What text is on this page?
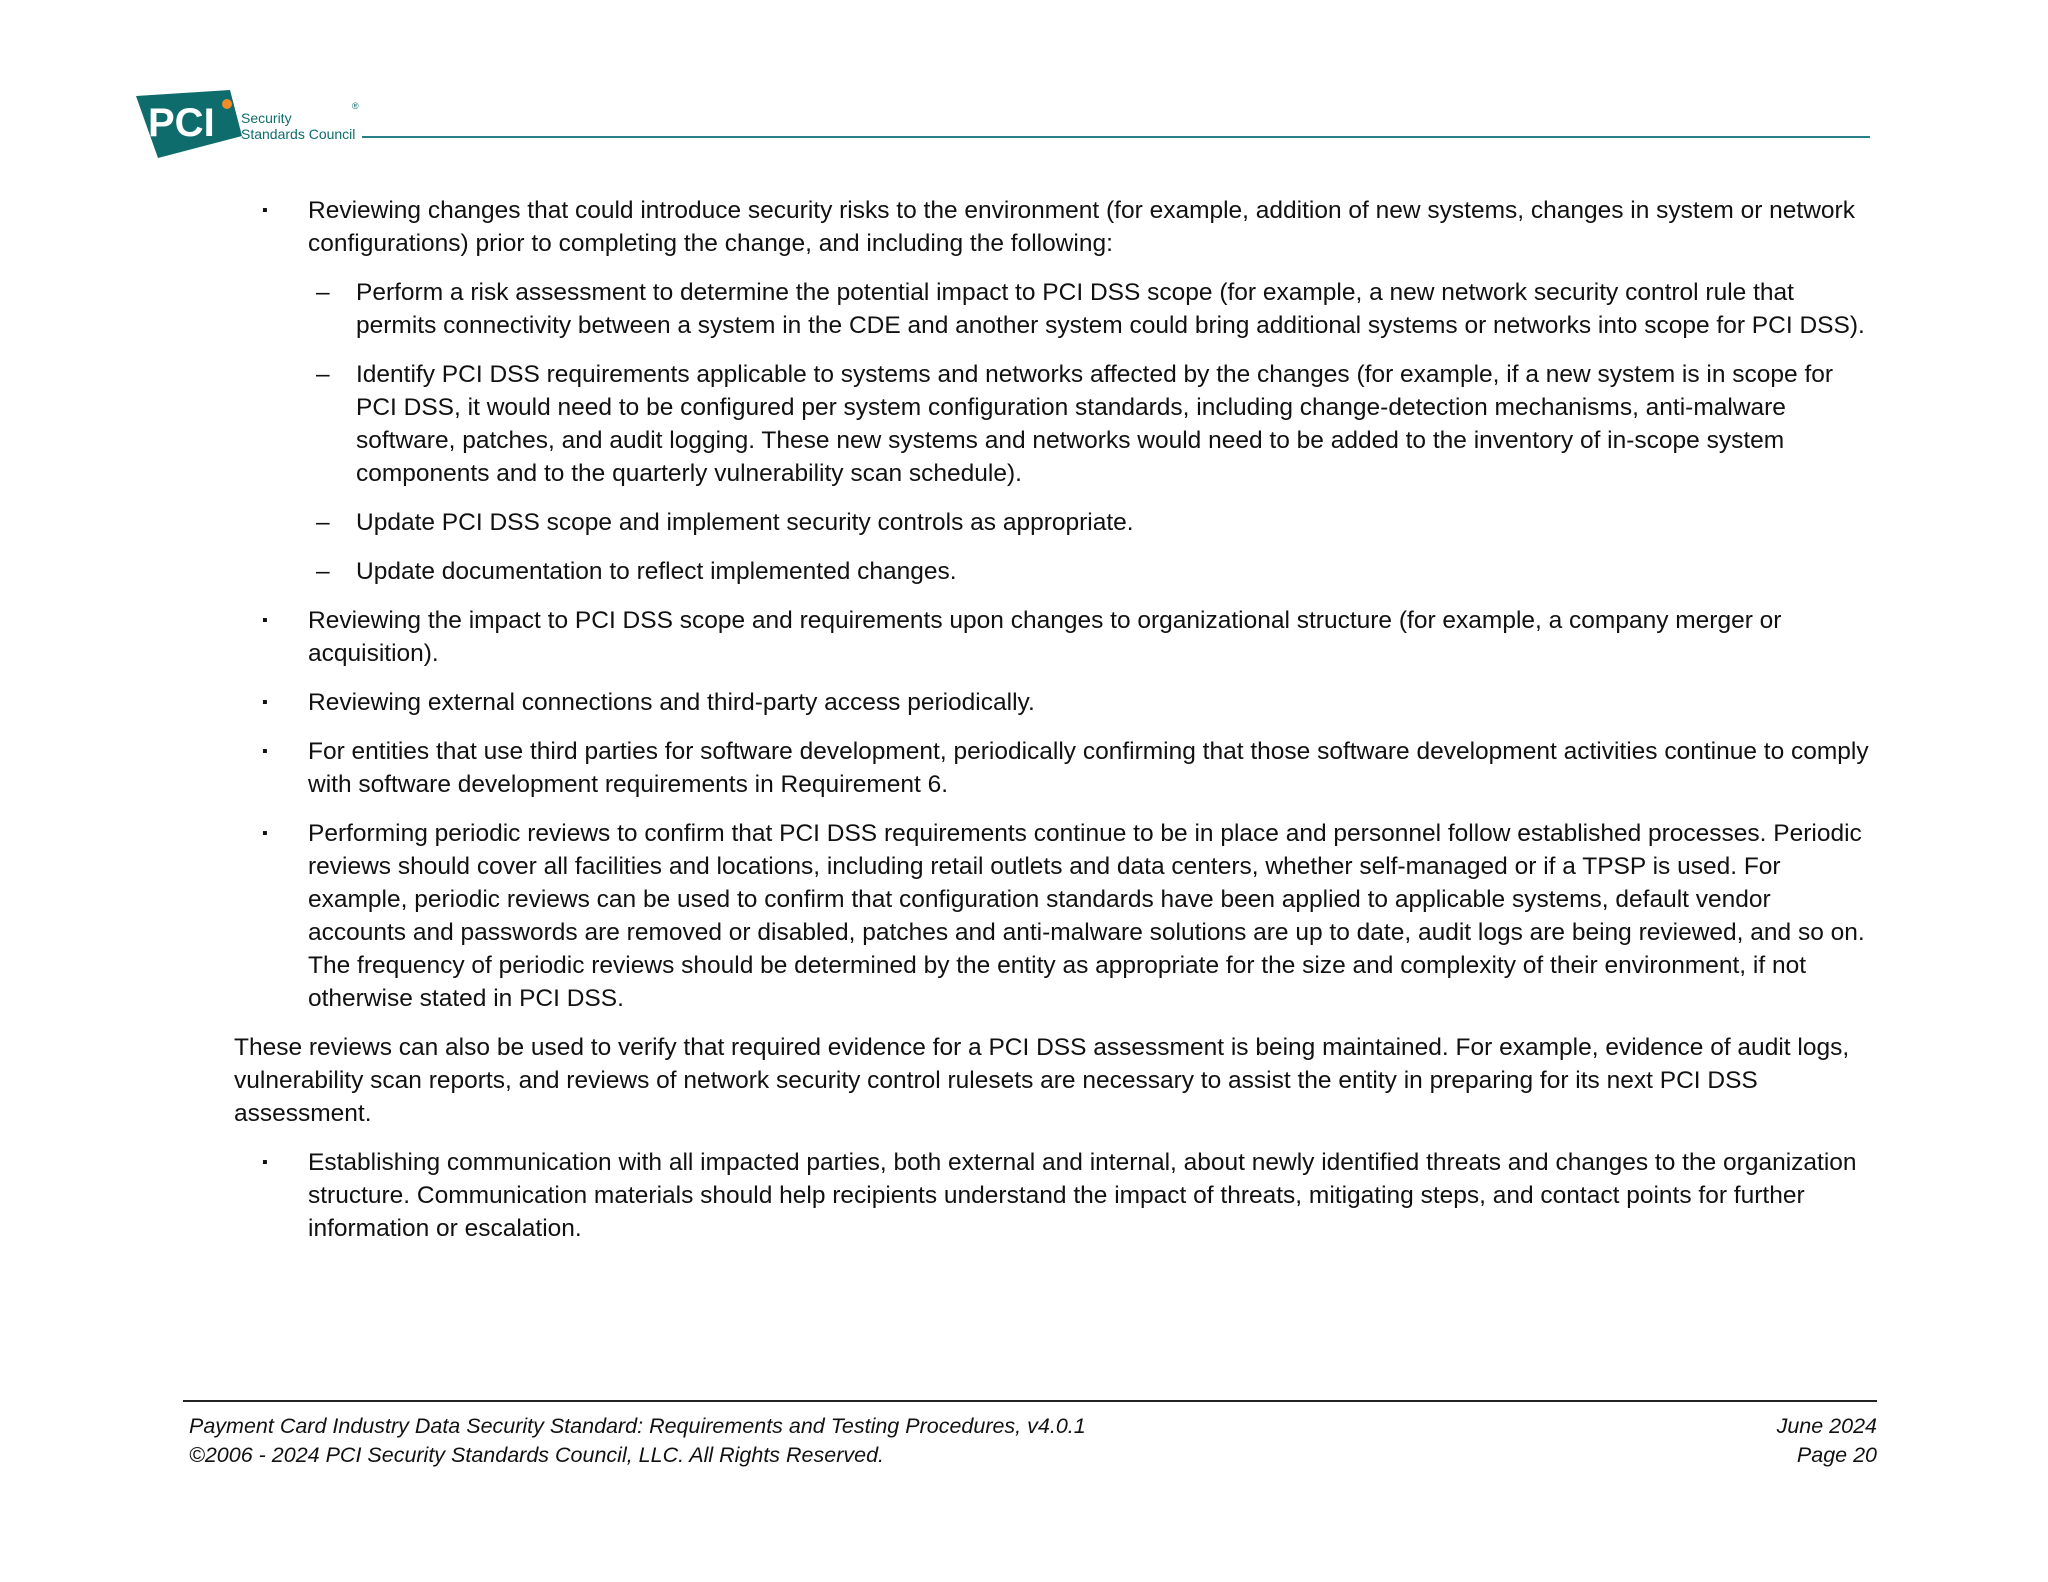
PCI Security
Standards Council
®
▪ Reviewing changes that could introduce security risks to the environment (for example, addition of new systems, changes in system or network configurations) prior to completing the change, and including the following:
– Perform a risk assessment to determine the potential impact to PCI DSS scope (for example, a new network security control rule that permits connectivity between a system in the CDE and another system could bring additional systems or networks into scope for PCI DSS).
– Identify PCI DSS requirements applicable to systems and networks affected by the changes (for example, if a new system is in scope for PCI DSS, it would need to be configured per system configuration standards, including change-detection mechanisms, anti-malware software, patches, and audit logging. These new systems and networks would need to be added to the inventory of in-scope system components and to the quarterly vulnerability scan schedule).
– Update PCI DSS scope and implement security controls as appropriate.
– Update documentation to reflect implemented changes.
▪ Reviewing the impact to PCI DSS scope and requirements upon changes to organizational structure (for example, a company merger or acquisition).
▪ Reviewing external connections and third-party access periodically.
▪ For entities that use third parties for software development, periodically confirming that those software development activities continue to comply with software development requirements in Requirement 6.
▪ Performing periodic reviews to confirm that PCI DSS requirements continue to be in place and personnel follow established processes. Periodic reviews should cover all facilities and locations, including retail outlets and data centers, whether self-managed or if a TPSP is used. For example, periodic reviews can be used to confirm that configuration standards have been applied to applicable systems, default vendor accounts and passwords are removed or disabled, patches and anti-malware solutions are up to date, audit logs are being reviewed, and so on. The frequency of periodic reviews should be determined by the entity as appropriate for the size and complexity of their environment, if not otherwise stated in PCI DSS.
These reviews can also be used to verify that required evidence for a PCI DSS assessment is being maintained. For example, evidence of audit logs, vulnerability scan reports, and reviews of network security control rulesets are necessary to assist the entity in preparing for its next PCI DSS assessment.
▪ Establishing communication with all impacted parties, both external and internal, about newly identified threats and changes to the organization structure. Communication materials should help recipients understand the impact of threats, mitigating steps, and contact points for further information or escalation.
Payment Card Industry Data Security Standard: Requirements and Testing Procedures, v4.0.1
©2006 - 2024 PCI Security Standards Council, LLC. All Rights Reserved.
June 2024
Page 20
